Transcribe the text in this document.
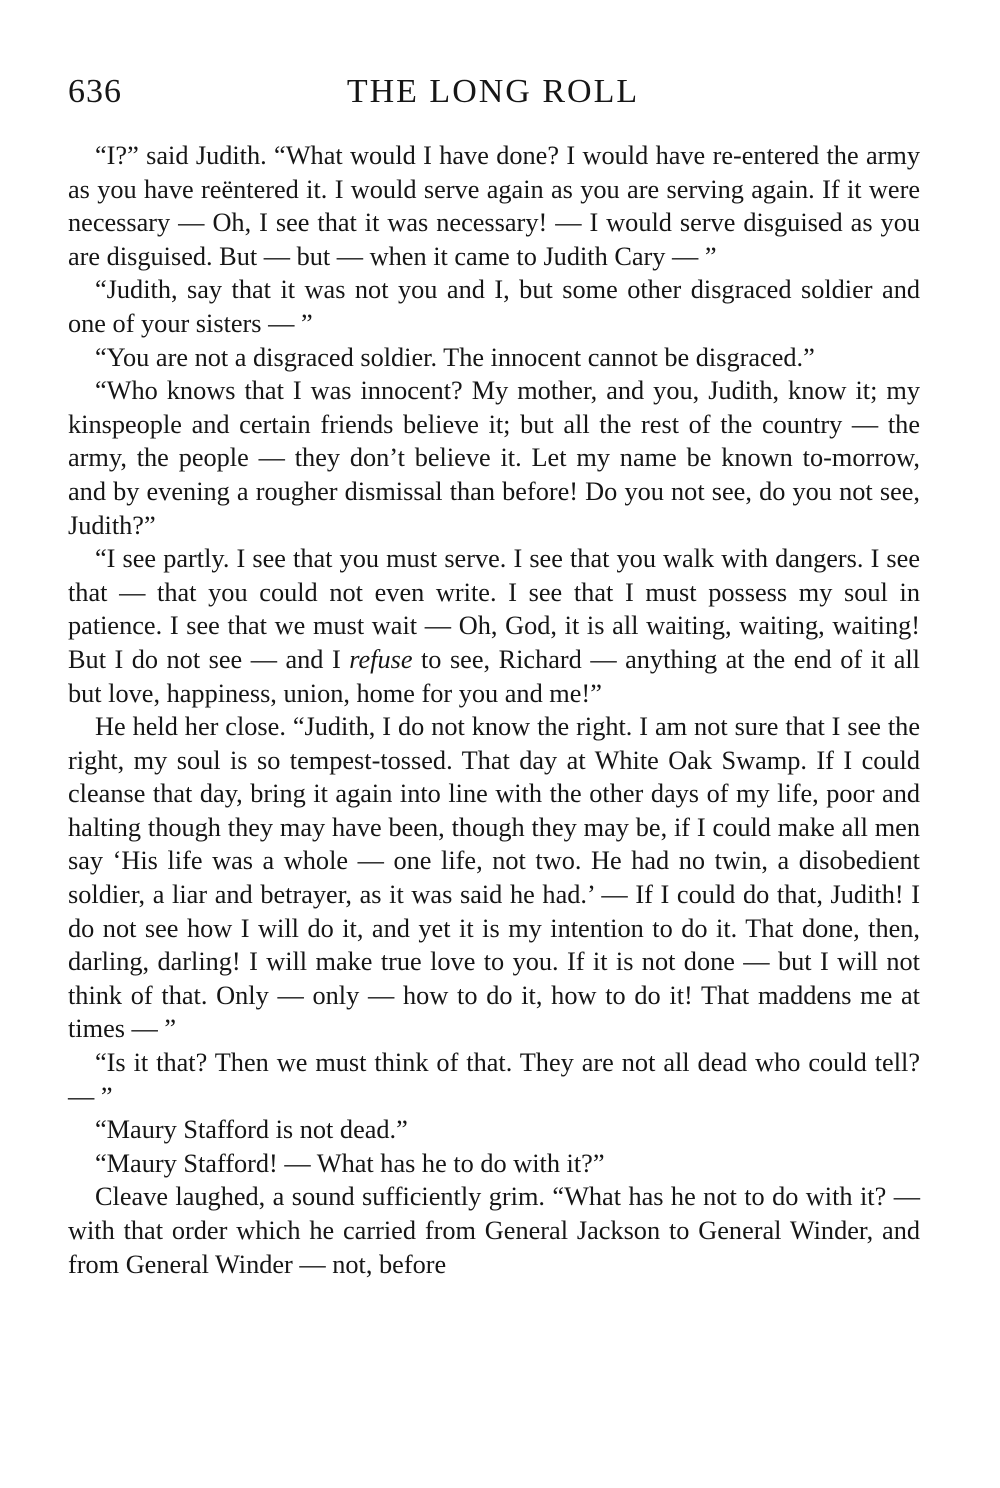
636	THE LONG ROLL

“I?” said Judith. “What would I have done? I would have re-entered the army as you have reëntered it. I would serve again as you are serving again. If it were necessary — Oh, I see that it was necessary! — I would serve disguised as you are disguised. But — but — when it came to Judith Cary — ”

“Judith, say that it was not you and I, but some other disgraced soldier and one of your sisters — ”

“You are not a disgraced soldier. The innocent cannot be disgraced.”

“Who knows that I was innocent? My mother, and you, Judith, know it; my kinspeople and certain friends believe it; but all the rest of the country — the army, the people — they don’t believe it. Let my name be known to-morrow, and by evening a rougher dismissal than before! Do you not see, do you not see, Judith?”

“I see partly. I see that you must serve. I see that you walk with dangers. I see that — that you could not even write. I see that I must possess my soul in patience. I see that we must wait — Oh, God, it is all waiting, waiting, waiting! But I do not see — and I refuse to see, Richard — anything at the end of it all but love, happiness, union, home for you and me!”

He held her close. “Judith, I do not know the right. I am not sure that I see the right, my soul is so tempest-tossed. That day at White Oak Swamp. If I could cleanse that day, bring it again into line with the other days of my life, poor and halting though they may have been, though they may be, if I could make all men say ‘His life was a whole — one life, not two. He had no twin, a disobedient soldier, a liar and betrayer, as it was said he had.’ — If I could do that, Judith! I do not see how I will do it, and yet it is my intention to do it. That done, then, darling, darling! I will make true love to you. If it is not done — but I will not think of that. Only — only — how to do it, how to do it! That maddens me at times — ”

“Is it that? Then we must think of that. They are not all dead who could tell? — ”

“Maury Stafford is not dead.”

“Maury Stafford! — What has he to do with it?”

Cleave laughed, a sound sufficiently grim. “What has he not to do with it? — with that order which he carried from General Jackson to General Winder, and from General Winder — not, before
